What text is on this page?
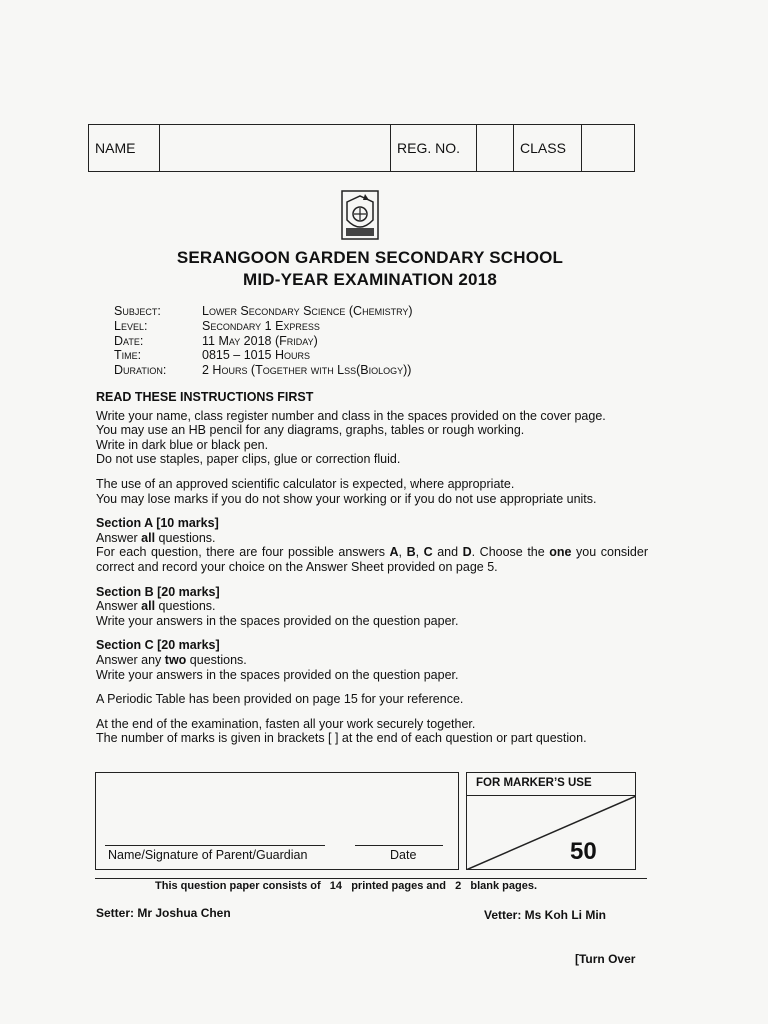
NAME	REG. NO.	CLASS
SERANGOON GARDEN SECONDARY SCHOOL
MID-YEAR EXAMINATION 2018
Subject:	Lower Secondary Science (Chemistry)
Level:	Secondary 1 Express
Date:	11 May 2018 (Friday)
Time:	0815 – 1015 Hours
Duration:	2 Hours (Together with Lss(Biology))

READ THESE INSTRUCTIONS FIRST

Write your name, class register number and class in the spaces provided on the cover page.

You may use an HB pencil for any diagrams, graphs, tables or rough working.

Write in dark blue or black pen.

Do not use staples, paper clips, glue or correction fluid.

The use of an approved scientific calculator is expected, where appropriate.

You may lose marks if you do not show your working or if you do not use appropriate units.

Section A [10 marks]

Answer all questions.

For each question, there are four possible answers A, B, C and D. Choose the one you consider correct and record your choice on the Answer Sheet provided on page 5.

Section B [20 marks]

Answer all questions.

Write your answers in the spaces provided on the question paper.

Section C [20 marks]

Answer any two questions.

Write your answers in the spaces provided on the question paper.

A Periodic Table has been provided on page 15 for your reference.

At the end of the examination, fasten all your work securely together.

The number of marks is given in brackets [ ] at the end of each question or part question.

Name/Signature of Parent/Guardian	Date
FOR MARKER’S USE
50
This question paper consists of   14   printed pages and   2   blank pages.
Setter: Mr Joshua Chen	Vetter: Ms Koh Li Min
[Turn Over
